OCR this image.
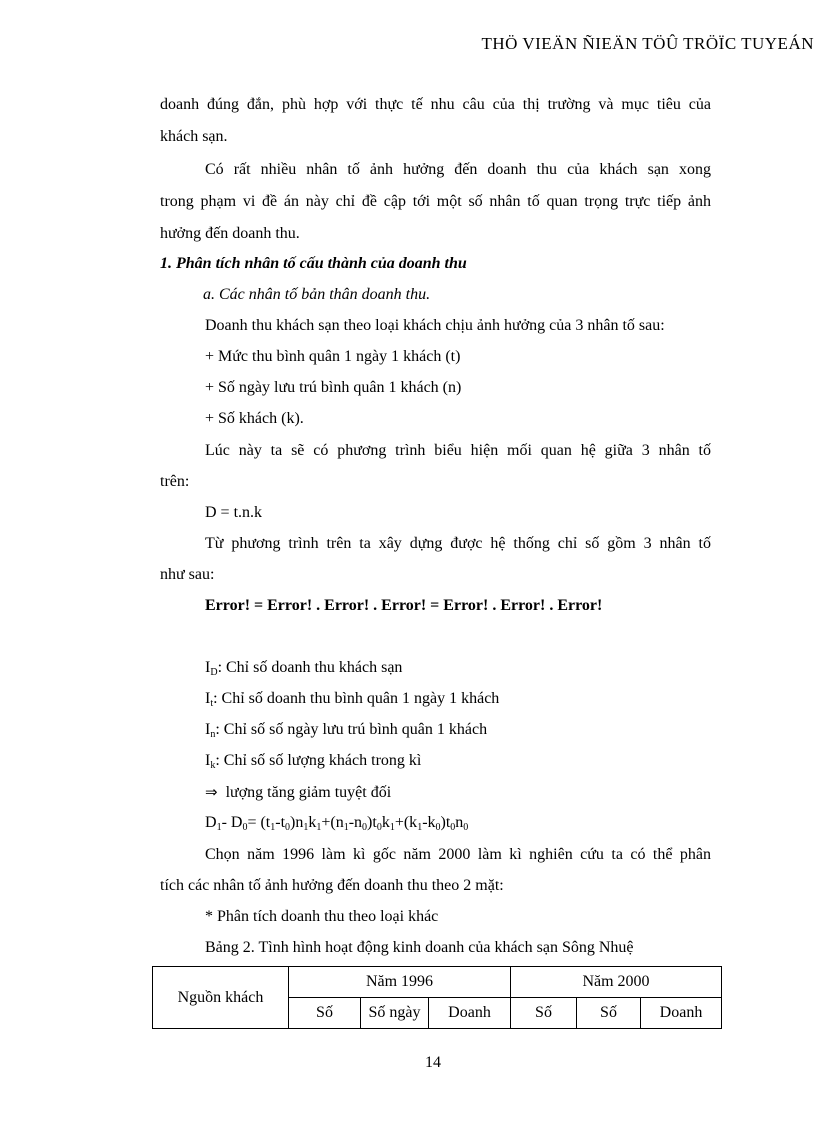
THÖ VIEÄN ÑIEÄN TÖÛ TRÖÏC TUYEÁN
doanh đúng đắn, phù hợp với thực tế nhu câu của thị trường và mục tiêu của
khách sạn.
Có rất nhiều nhân tố ảnh hưởng đến doanh thu của khách sạn xong
trong phạm vi đề án này chỉ đề cập tới một số nhân tố quan trọng trực tiếp ảnh
hưởng đến doanh thu.
1. Phân tích nhân tố cấu thành của doanh thu
a. Các nhân tố bản thân doanh thu.
Doanh thu khách sạn theo loại khách chịu ảnh hưởng của 3 nhân tố sau:
+ Mức thu bình quân 1 ngày 1 khách (t)
+ Số ngày lưu trú bình quân 1 khách (n)
+ Số khách (k).
Lúc này ta sẽ có phương trình biểu hiện mối quan hệ giữa 3 nhân tố
trên:
D = t.n.k
Từ phương trình trên ta xây dựng được hệ thống chỉ số gồm 3 nhân tố
như sau:
Error! = Error! . Error! . Error! = Error! . Error! . Error!
$I_D$: Chỉ số doanh thu khách sạn
$I_t$: Chỉ số doanh thu bình quân 1 ngày 1 khách
$I_n$: Chỉ số số ngày lưu trú bình quân 1 khách
$I_k$: Chỉ số số lượng khách trong kì
⇒ lượng tăng giảm tuyệt đối
$D_1-$ $D_0= (t_1-t_0)n_1k_1+(n_1-n_0)t_0k_1+(k_1-k_0)t_0n_0$
Chọn năm 1996 làm kì gốc năm 2000 làm kì nghiên cứu ta có thể phân
tích các nhân tố ảnh hưởng đến doanh thu theo 2 mặt:
* Phân tích doanh thu theo loại khác
Bảng 2. Tình hình hoạt động kinh doanh của khách sạn Sông Nhuệ
Nguồn khách	Năm 1996			Năm 2000		
	Số	Số ngày	Doanh	Số	Số	Doanh
14
